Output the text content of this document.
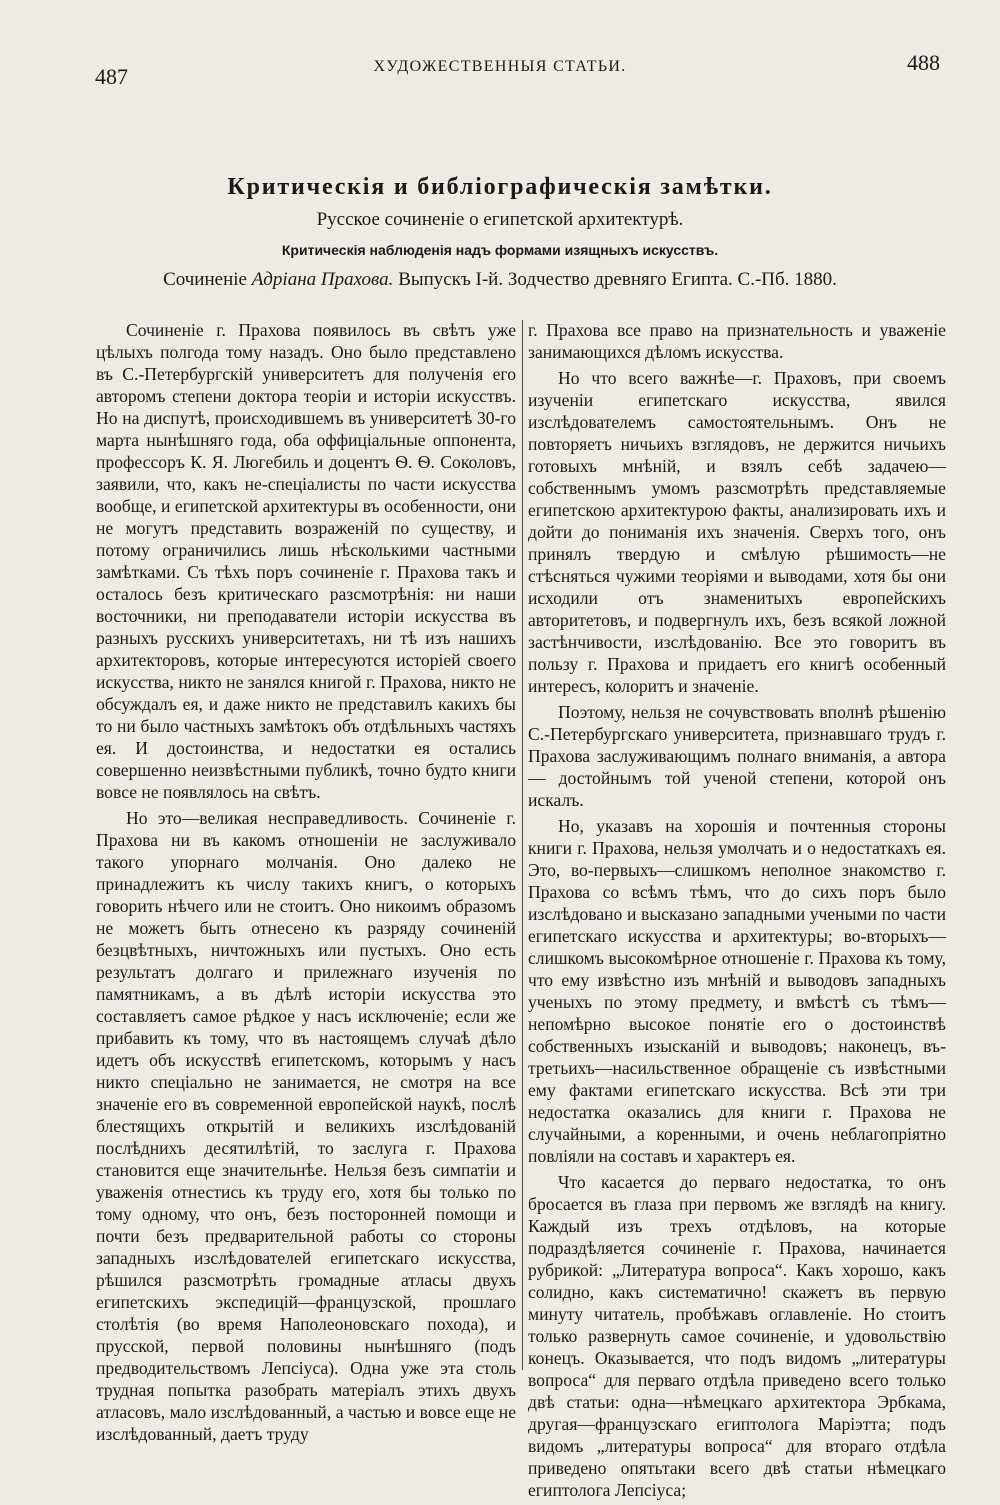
487	ХУДОЖЕСТВЕННЫЯ СТАТЬИ.	488
Критическія и библіографическія замѣтки.
Русское сочиненіе о египетской архитектурѣ.
Критическія наблюденія надъ формами изящныхъ искусствъ.
Сочиненіе Адріана Прахова. Выпускъ І-й. Зодчество древняго Египта. С.-Пб. 1880.

Сочиненіе г. Прахова появилось въ свѣтъ уже цѣлыхъ полгода тому назадъ. Оно было представлено въ С.-Петербургскій университетъ для полученія его авторомъ степени доктора теоріи и исторіи искусствъ. Но на диспутѣ, происходившемъ въ университетѣ 30-го марта нынѣшняго года, оба оффиціальные оппонента, профессоръ К. Я. Люгебиль и доцентъ Ѳ. Ѳ. Соколовъ, заявили, что, какъ не-спеціалисты по части искусства вообще, и египетской архитектуры въ особенности, они не могутъ представить возраженій по существу, и потому ограничились лишь нѣсколькими частными замѣтками. Съ тѣхъ поръ сочиненіе г. Прахова такъ и осталось безъ критическаго разсмотрѣнія: ни наши восточники, ни преподаватели исторіи искусства въ разныхъ русскихъ университетахъ, ни тѣ изъ нашихъ архитекторовъ, которые интересуются исторіей своего искусства, никто не занялся книгой г. Прахова, никто не обсуждалъ ея, и даже никто не представилъ какихъ бы то ни было частныхъ замѣтокъ объ отдѣльныхъ частяхъ ея. И достоинства, и недостатки ея остались совершенно неизвѣстными публикѣ, точно будто книги вовсе не появлялось на свѣтъ.

Но это—великая несправедливость. Сочиненіе г. Прахова ни въ какомъ отношеніи не заслуживало такого упорнаго молчанія. Оно далеко не принадлежитъ къ числу такихъ книгъ, о которыхъ говорить нѣчего или не стоитъ. Оно никоимъ образомъ не можетъ быть отнесено къ разряду сочиненій безцвѣтныхъ, ничтожныхъ или пустыхъ. Оно есть результатъ долгаго и прилежнаго изученія по памятникамъ, а въ дѣлѣ исторіи искусства это составляетъ самое рѣдкое у насъ исключеніе; если же прибавить къ тому, что въ настоящемъ случаѣ дѣло идетъ объ искусствѣ египетскомъ, которымъ у насъ никто спеціально не занимается, не смотря на все значеніе его въ современной европейской наукѣ, послѣ блестящихъ открытій и великихъ изслѣдованій послѣднихъ десятилѣтій, то заслуга г. Прахова становится еще значительнѣе. Нельзя безъ симпатіи и уваженія отнестись къ труду его, хотя бы только по тому одному, что онъ, безъ посторонней помощи и почти безъ предварительной работы со стороны западныхъ изслѣдователей египетскаго искусства, рѣшился разсмотрѣть громадные атласы двухъ египетскихъ экспедицій—французской, прошлаго столѣтія (во время Наполеоновскаго похода), и прусской, первой половины нынѣшняго (подъ предводительствомъ Лепсіуса). Одна уже эта столь трудная попытка разобрать матеріалъ этихъ двухъ атласовъ, мало изслѣдованный, а частью и вовсе еще не изслѣдованный, даетъ труду

г. Прахова все право на признательность и уваженіе занимающихся дѣломъ искусства.

Но что всего важнѣе—г. Праховъ, при своемъ изученіи египетскаго искусства, явился изслѣдователемъ самостоятельнымъ. Онъ не повторяетъ ничьихъ взглядовъ, не держится ничьихъ готовыхъ мнѣній, и взялъ себѣ задачею—собственнымъ умомъ разсмотрѣть представляемые египетскою архитектурою факты, анализировать ихъ и дойти до пониманія ихъ значенія. Сверхъ того, онъ принялъ твердую и смѣлую рѣшимость—не стѣсняться чужими теоріями и выводами, хотя бы они исходили отъ знаменитыхъ европейскихъ авторитетовъ, и подвергнулъ ихъ, безъ всякой ложной застѣнчивости, изслѣдованію. Все это говоритъ въ пользу г. Прахова и придаетъ его книгѣ особенный интересъ, колоритъ и значеніе.

Поэтому, нельзя не сочувствовать вполнѣ рѣшенію С.-Петербургскаго университета, признавшаго трудъ г. Прахова заслуживающимъ полнаго вниманія, а автора— достойнымъ той ученой степени, которой онъ искалъ.

Но, указавъ на хорошія и почтенныя стороны книги г. Прахова, нельзя умолчать и о недостаткахъ ея. Это, во-первыхъ—слишкомъ неполное знакомство г. Прахова со всѣмъ тѣмъ, что до сихъ поръ было изслѣдовано и высказано западными учеными по части египетскаго искусства и архитектуры; во-вторыхъ—слишкомъ высокомѣрное отношеніе г. Прахова къ тому, что ему извѣстно изъ мнѣній и выводовъ западныхъ ученыхъ по этому предмету, и вмѣстѣ съ тѣмъ—непомѣрно высокое понятіе его о достоинствѣ собственныхъ изысканій и выводовъ; наконецъ, въ-третьихъ—насильственное обращеніе съ извѣстными ему фактами египетскаго искусства. Всѣ эти три недостатка оказались для книги г. Прахова не случайными, а коренными, и очень неблагопріятно повліяли на составъ и характеръ ея.

Что касается до перваго недостатка, то онъ бросается въ глаза при первомъ же взглядѣ на книгу. Каждый изъ трехъ отдѣловъ, на которые подраздѣляется сочиненіе г. Прахова, начинается рубрикой: „Литература вопроса“. Какъ хорошо, какъ солидно, какъ систематично! скажетъ въ первую минуту читатель, пробѣжавъ оглавленіе. Но стоитъ только развернуть самое сочиненіе, и удовольствію конецъ. Оказывается, что подъ видомъ „литературы вопроса“ для перваго отдѣла приведено всего только двѣ статьи: одна—нѣмецкаго архитектора Эрбкама, другая—французскаго египтолога Маріэтта; подъ видомъ „литературы вопроса“ для втораго отдѣла приведено опятьтаки всего двѣ статьи нѣмецкаго египтолога Лепсіуса;
